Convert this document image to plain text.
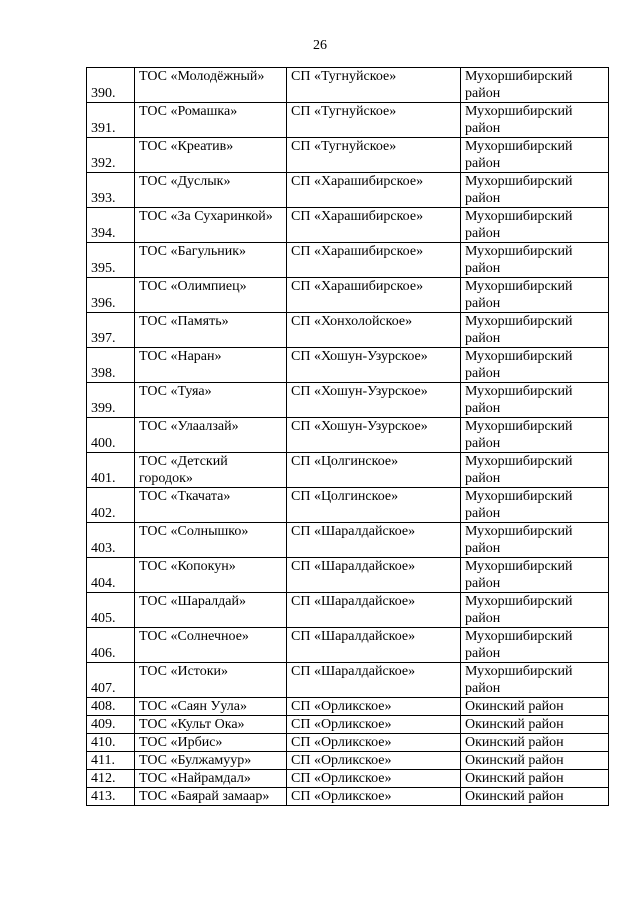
26
390.	ТОС «Молодёжный»	СП «Тугнуйское»	Мухоршибирский район
391.	ТОС «Ромашка»	СП «Тугнуйское»	Мухоршибирский район
392.	ТОС «Креатив»	СП «Тугнуйское»	Мухоршибирский район
393.	ТОС «Дуслык»	СП «Харашибирское»	Мухоршибирский район
394.	ТОС «За Сухаринкой»	СП «Харашибирское»	Мухоршибирский район
395.	ТОС «Багульник»	СП «Харашибирское»	Мухоршибирский район
396.	ТОС «Олимпиец»	СП «Харашибирское»	Мухоршибирский район
397.	ТОС «Память»	СП «Хонхолойское»	Мухоршибирский район
398.	ТОС «Наран»	СП «Хошун-Узурское»	Мухоршибирский район
399.	ТОС «Туяа»	СП «Хошун-Узурское»	Мухоршибирский район
400.	ТОС «Улаалзай»	СП «Хошун-Узурское»	Мухоршибирский район
401.	ТОС «Детский городок»	СП «Цолгинское»	Мухоршибирский район
402.	ТОС «Ткачата»	СП «Цолгинское»	Мухоршибирский район
403.	ТОС «Солнышко»	СП «Шаралдайское»	Мухоршибирский район
404.	ТОС «Копокун»	СП «Шаралдайское»	Мухоршибирский район
405.	ТОС «Шаралдай»	СП «Шаралдайское»	Мухоршибирский район
406.	ТОС «Солнечное»	СП «Шаралдайское»	Мухоршибирский район
407.	ТОС «Истоки»	СП «Шаралдайское»	Мухоршибирский район
408.	ТОС «Саян Уула»	СП «Орликское»	Окинский район
409.	ТОС «Культ Ока»	СП «Орликское»	Окинский район
410.	ТОС «Ирбис»	СП «Орликское»	Окинский район
411.	ТОС «Булжамуур»	СП «Орликское»	Окинский район
412.	ТОС «Найрамдал»	СП «Орликское»	Окинский район
413.	ТОС «Баярай замаар»	СП «Орликское»	Окинский район
